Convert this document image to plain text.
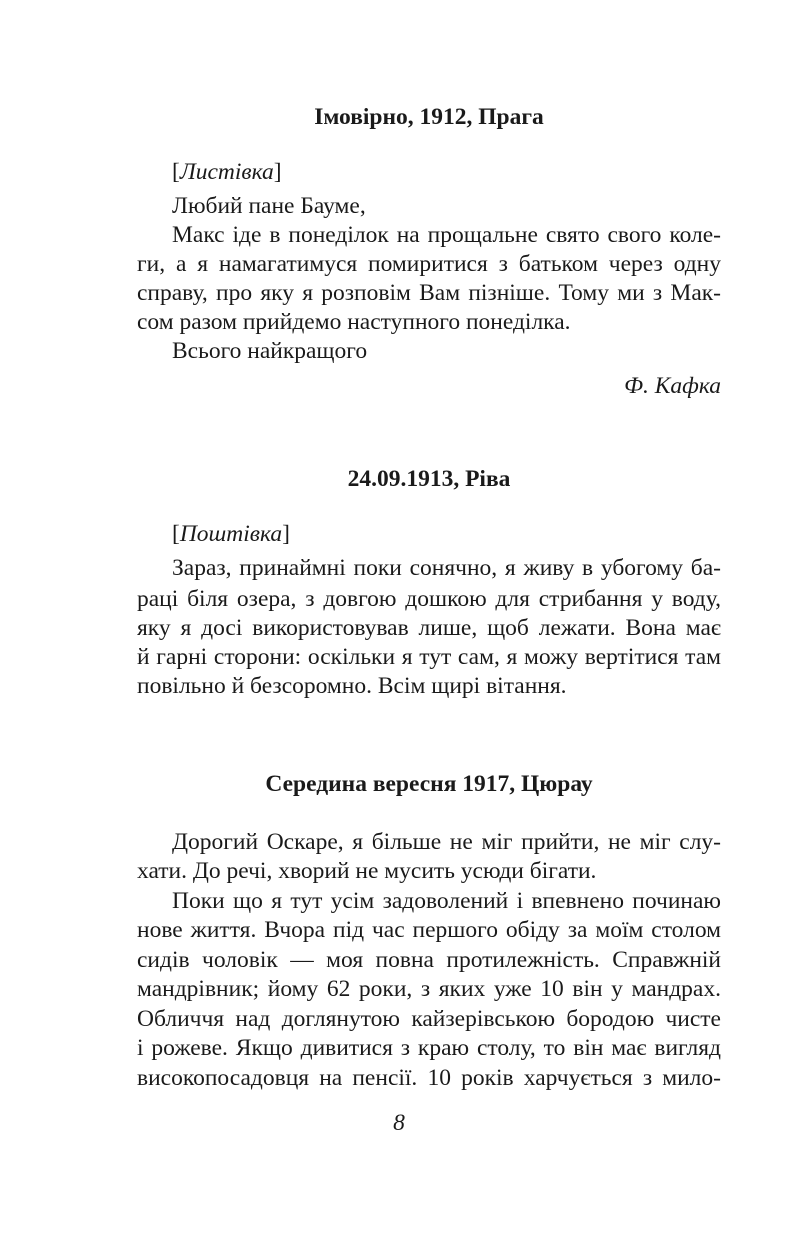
Імовірно, 1912, Прага
[Листівка]
Любий пане Бауме,
Макс іде в понеділок на прощальне свято свого коле-
ги, а я намагатимуся помиритися з батьком через одну
справу, про яку я розповім Вам пізніше. Тому ми з Мак-
сом разом прийдемо наступного понеділка.
Всього найкращого
Ф. Кафка
24.09.1913, Ріва
[Поштівка]
Зараз, принаймні поки сонячно, я живу в убогому ба-
раці біля озера, з довгою дошкою для стрибання у воду,
яку я досі використовував лише, щоб лежати. Вона має
й гарні сторони: оскільки я тут сам, я можу вертітися там
повільно й безсоромно. Всім щирі вітання.
Середина вересня 1917, Цюрау
Дорогий Оскаре, я більше не міг прийти, не міг слу-
хати. До речі, хворий не мусить усюди бігати.
Поки що я тут усім задоволений і впевнено починаю
нове життя. Вчора під час першого обіду за моїм столом
сидів чоловік — моя повна протилежність. Справжній
мандрівник; йому 62 роки, з яких уже 10 він у мандрах.
Обличчя над доглянутою кайзерівською бородою чисте
і рожеве. Якщо дивитися з краю столу, то він має вигляд
високопосадовця на пенсії. 10 років харчується з мило-
8
